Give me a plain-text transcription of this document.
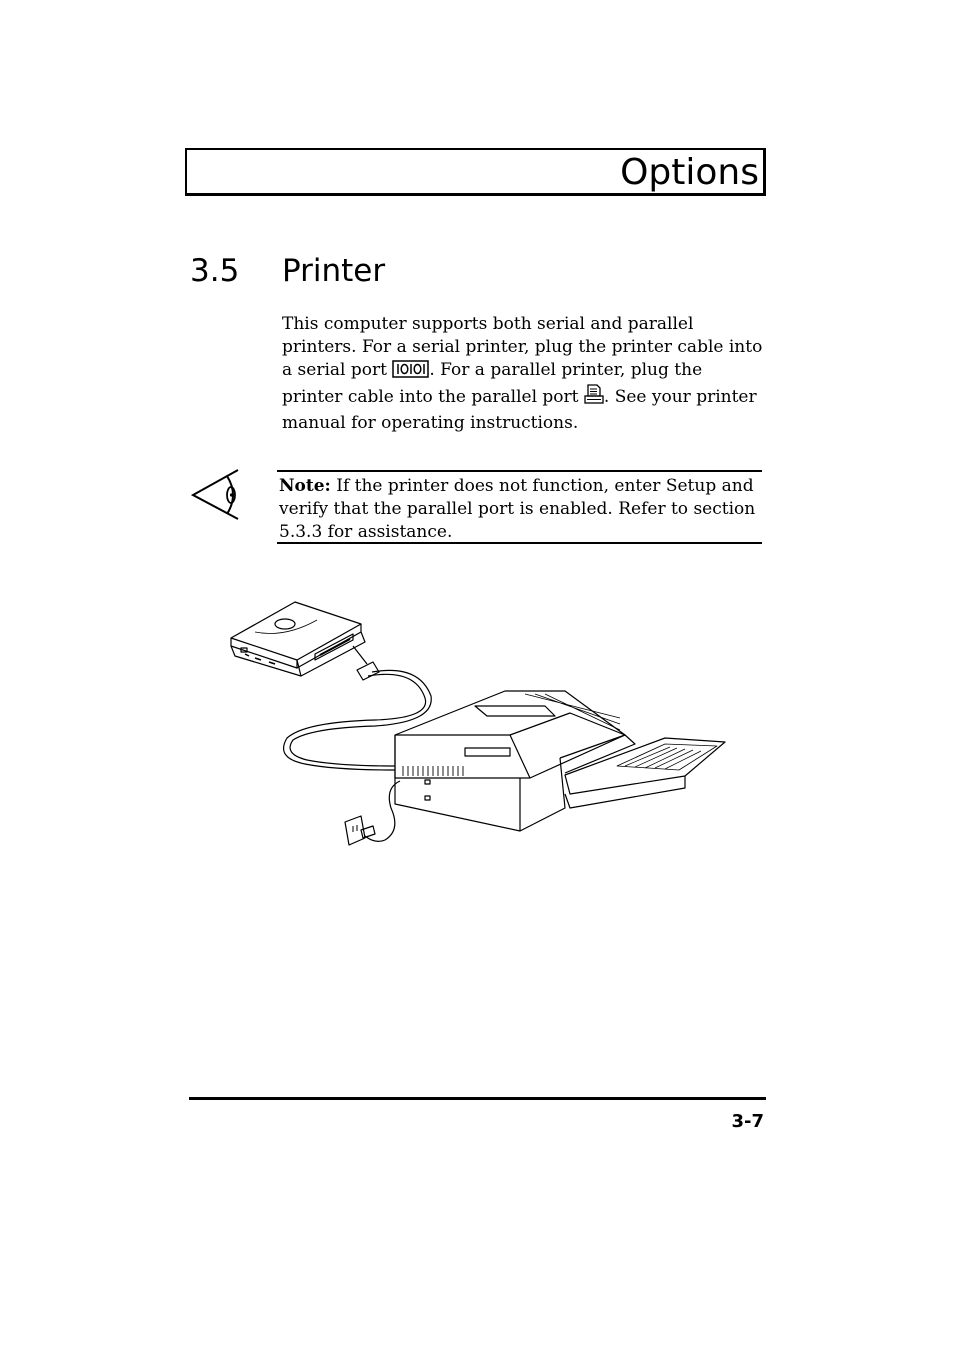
Options
3.5 Printer
This computer supports both serial and parallel printers. For a serial printer, plug the printer cable into a serial port . For a parallel printer, plug the printer cable into the parallel port . See your printer manual for operating instructions.
Note: If the printer does not function, enter Setup and verify that the parallel port is enabled. Refer to section 5.3.3 for assistance.
3-7
